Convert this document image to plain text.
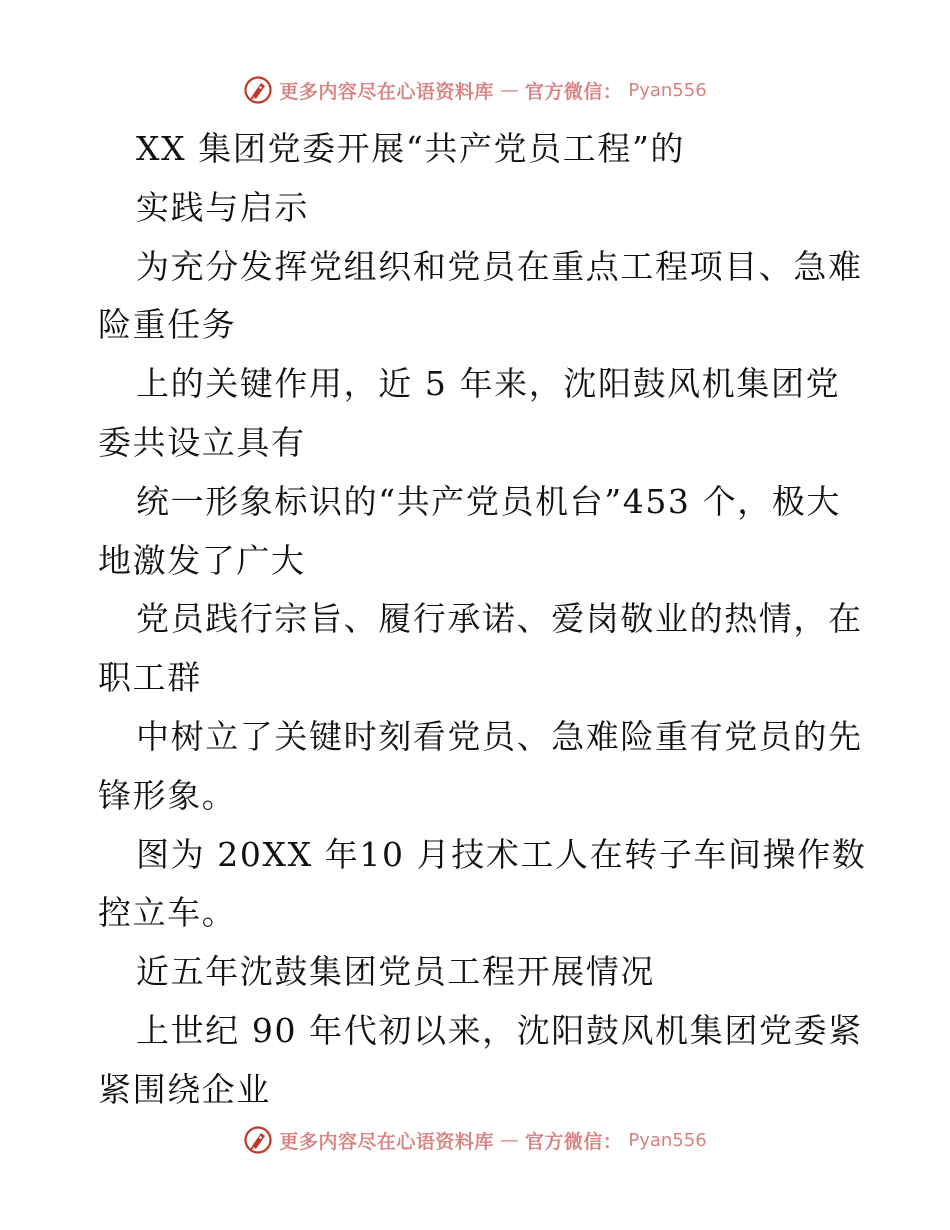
更多内容尽在心语资料库 — 官方微信： Pyan556
XX 集团党委开展“共产党员工程”的
实践与启示
为充分发挥党组织和党员在重点工程项目、急难
险重任务
上的关键作用，近 5 年来，沈阳鼓风机集团党
委共设立具有
统一形象标识的“共产党员机台”453 个，极大
地激发了广大
党员践行宗旨、履行承诺、爱岗敬业的热情，在
职工群
中树立了关键时刻看党员、急难险重有党员的先
锋形象。
图为 20XX 年10 月技术工人在转子车间操作数
控立车。
近五年沈鼓集团党员工程开展情况
上世纪 90 年代初以来，沈阳鼓风机集团党委紧
紧围绕企业
更多内容尽在心语资料库 — 官方微信： Pyan556
